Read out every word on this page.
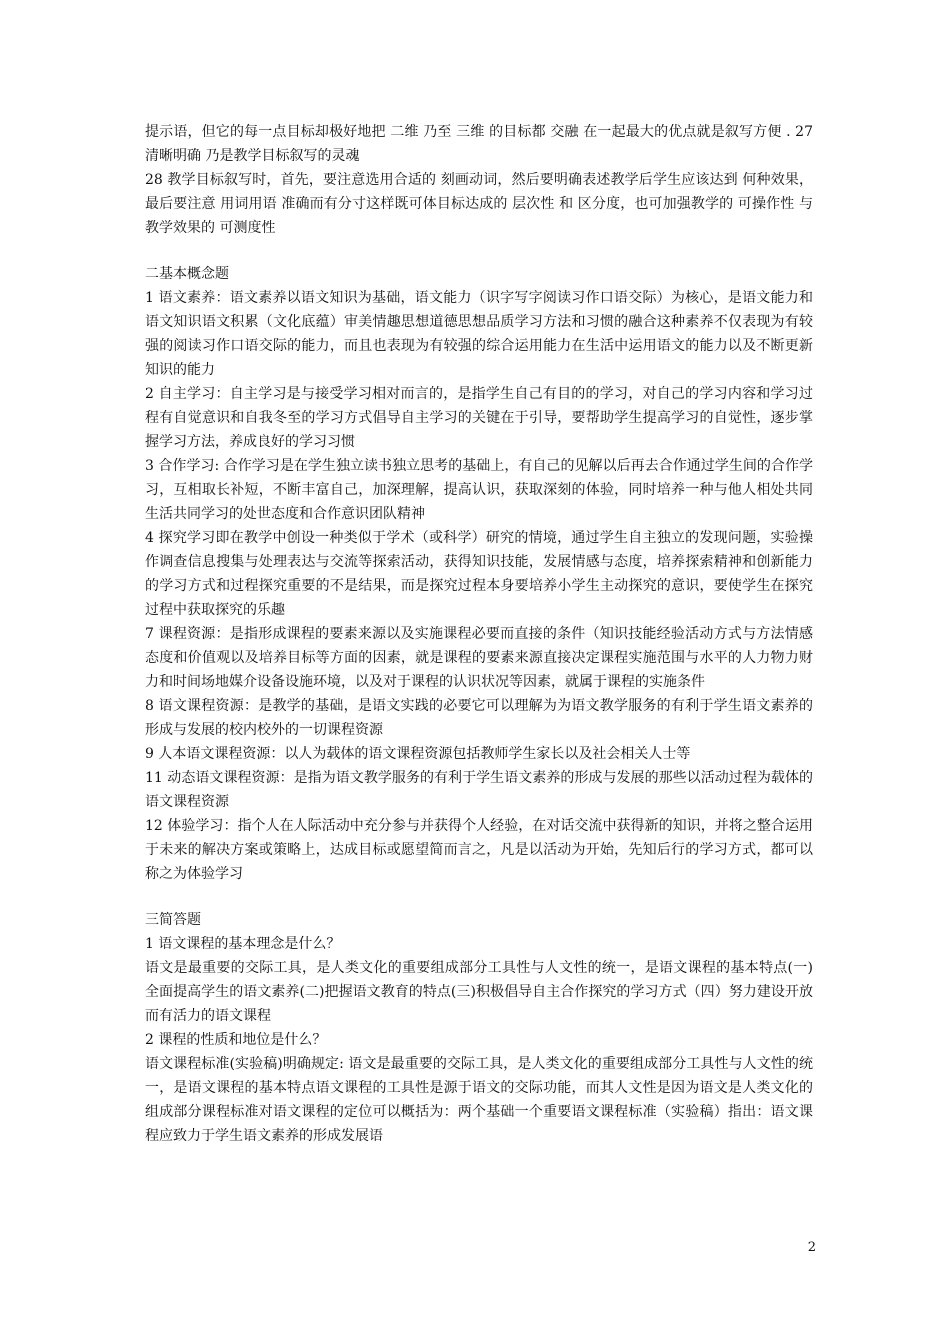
提示语，但它的每一点目标却极好地把 二维 乃至 三维 的目标都 交融 在一起最大的优点就是叙写方便 . 27 清晰明确 乃是教学目标叙写的灵魂

28 教学目标叙写时，首先，要注意选用合适的 刻画动词，然后要明确表述教学后学生应该达到 何种效果，最后要注意 用词用语 准确而有分寸这样既可体目标达成的 层次性 和 区分度，也可加强教学的 可操作性 与教学效果的 可测度性

二基本概念题

1 语文素养：语文素养以语文知识为基础，语文能力（识字写字阅读习作口语交际）为核心，是语文能力和语文知识语文积累（文化底蕴）审美情趣思想道德思想品质学习方法和习惯的融合这种素养不仅表现为有较强的阅读习作口语交际的能力，而且也表现为有较强的综合运用能力在生活中运用语文的能力以及不断更新知识的能力

2 自主学习：自主学习是与接受学习相对而言的，是指学生自己有目的的学习，对自己的学习内容和学习过程有自觉意识和自我冬至的学习方式倡导自主学习的关键在于引导，要帮助学生提高学习的自觉性，逐步掌握学习方法，养成良好的学习习惯

3 合作学习: 合作学习是在学生独立读书独立思考的基础上，有自己的见解以后再去合作通过学生间的合作学习，互相取长补短，不断丰富自己，加深理解，提高认识，获取深刻的体验，同时培养一种与他人相处共同生活共同学习的处世态度和合作意识团队精神

4 探究学习即在教学中创设一种类似于学术（或科学）研究的情境，通过学生自主独立的发现问题，实验操作调查信息搜集与处理表达与交流等探索活动，获得知识技能，发展情感与态度，培养探索精神和创新能力的学习方式和过程探究重要的不是结果，而是探究过程本身要培养小学生主动探究的意识，要使学生在探究过程中获取探究的乐趣

7 课程资源：是指形成课程的要素来源以及实施课程必要而直接的条件（知识技能经验活动方式与方法情感态度和价值观以及培养目标等方面的因素，就是课程的要素来源直接决定课程实施范围与水平的人力物力财力和时间场地媒介设备设施环境，以及对于课程的认识状况等因素，就属于课程的实施条件

8 语文课程资源：是教学的基础，是语文实践的必要它可以理解为为语文教学服务的有利于学生语文素养的形成与发展的校内校外的一切课程资源

9 人本语文课程资源：以人为载体的语文课程资源包括教师学生家长以及社会相关人士等

11 动态语文课程资源：是指为语文教学服务的有利于学生语文素养的形成与发展的那些以活动过程为载体的语文课程资源

12 体验学习：指个人在人际活动中充分参与并获得个人经验，在对话交流中获得新的知识，并将之整合运用于未来的解决方案或策略上，达成目标或愿望简而言之，凡是以活动为开始，先知后行的学习方式，都可以称之为体验学习

三简答题

1 语文课程的基本理念是什么？

语文是最重要的交际工具，是人类文化的重要组成部分工具性与人文性的统一，是语文课程的基本特点(一)全面提高学生的语文素养(二)把握语文教育的特点(三)积极倡导自主合作探究的学习方式（四）努力建设开放而有活力的语文课程

2 课程的性质和地位是什么？

语文课程标准(实验稿)明确规定: 语文是最重要的交际工具，是人类文化的重要组成部分工具性与人文性的统一，是语文课程的基本特点语文课程的工具性是源于语文的交际功能，而其人文性是因为语文是人类文化的组成部分课程标准对语文课程的定位可以概括为：两个基础一个重要语文课程标准（实验稿）指出：语文课程应致力于学生语文素养的形成发展语

2
